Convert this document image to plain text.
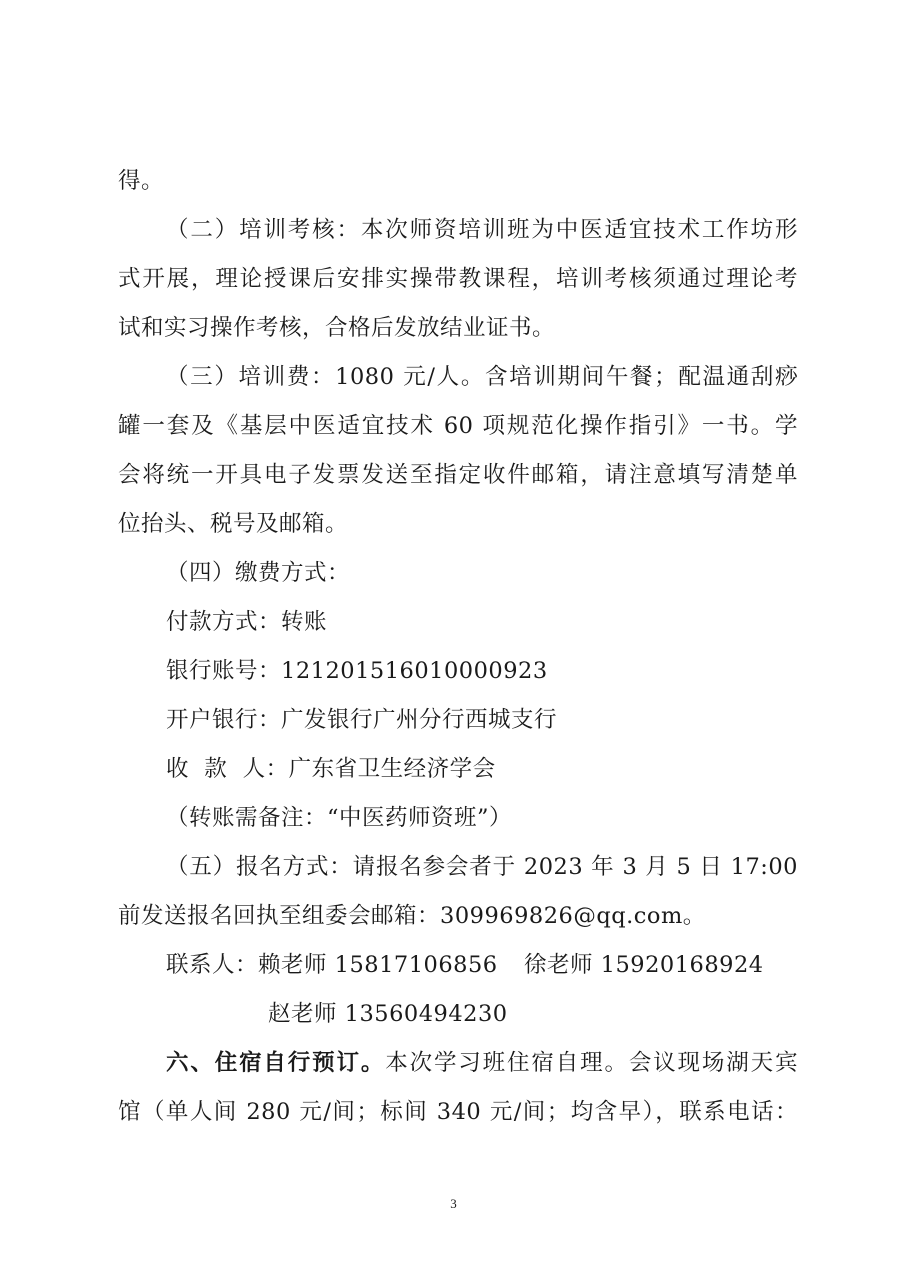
得。
（二）培训考核：本次师资培训班为中医适宜技术工作坊形
式开展，理论授课后安排实操带教课程，培训考核须通过理论考
试和实习操作考核，合格后发放结业证书。
（三）培训费：1080 元/人。含培训期间午餐；配温通刮痧
罐一套及《基层中医适宜技术 60 项规范化操作指引》一书。学
会将统一开具电子发票发送至指定收件邮箱，请注意填写清楚单
位抬头、税号及邮箱。
（四）缴费方式：
付款方式：转账
银行账号：121201516010000923
开户银行：广发银行广州分行西城支行
收  款  人：广东省卫生经济学会
（转账需备注：“中医药师资班”）
（五）报名方式：请报名参会者于 2023 年 3 月 5 日 17:00
前发送报名回执至组委会邮箱：309969826@qq.com。
联系人：赖老师 15817106856 徐老师 15920168924
赵老师 13560494230
六、住宿自行预订。本次学习班住宿自理。会议现场湖天宾
馆（单人间 280 元/间；标间 340 元/间；均含早），联系电话：
3
